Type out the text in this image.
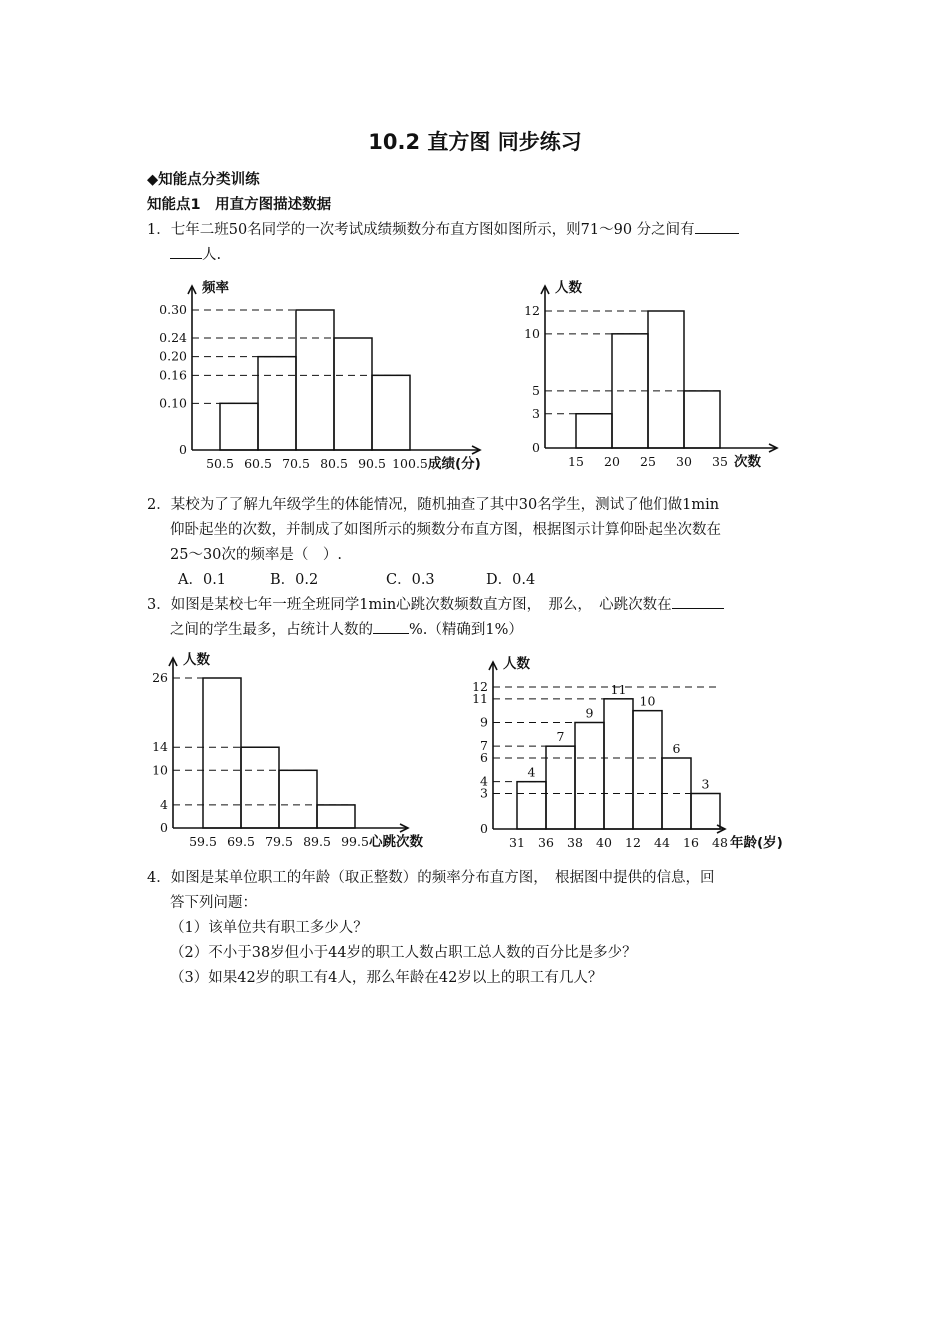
10.2 直方图 同步练习
◆知能点分类训练
知能点1　用直方图描述数据
1．七年二班50名同学的一次考试成绩频数分布直方图如图所示，则71～90 分之间有
人.
频率
成绩(分)
0.30
0.24
0.20
0.16
0.10
0
50.5 60.5 70.5 80.5 90.5 100.5
人数
次数
12
10
5
3
0
15 20 25 30 35
2．某校为了了解九年级学生的体能情况，随机抽查了其中30名学生，测试了他们做1min
仰卧起坐的次数，并制成了如图所示的频数分布直方图，根据图示计算仰卧起坐次数在
25～30次的频率是（　）.
A．0.1	B．0.2	C．0.3	D．0.4
3．如图是某校七年一班全班同学1min心跳次数频数直方图，　那么，　心跳次数在
之间的学生最多，占统计人数的 %.（精确到1%）
人数
心跳次数
26
14
10
4
0
59.5 69.5 79.5 89.5 99.5
人数
年龄(岁)
12
11
9
7
6
4
3
0
4
7
9
11
10
6
3
31 36 38 40 12 44 16 48
4．如图是某单位职工的年龄（取正整数）的频率分布直方图，　根据图中提供的信息，回
答下列问题：
（1）该单位共有职工多少人？
（2）不小于38岁但小于44岁的职工人数占职工总人数的百分比是多少？
（3）如果42岁的职工有4人，那么年龄在42岁以上的职工有几人？
